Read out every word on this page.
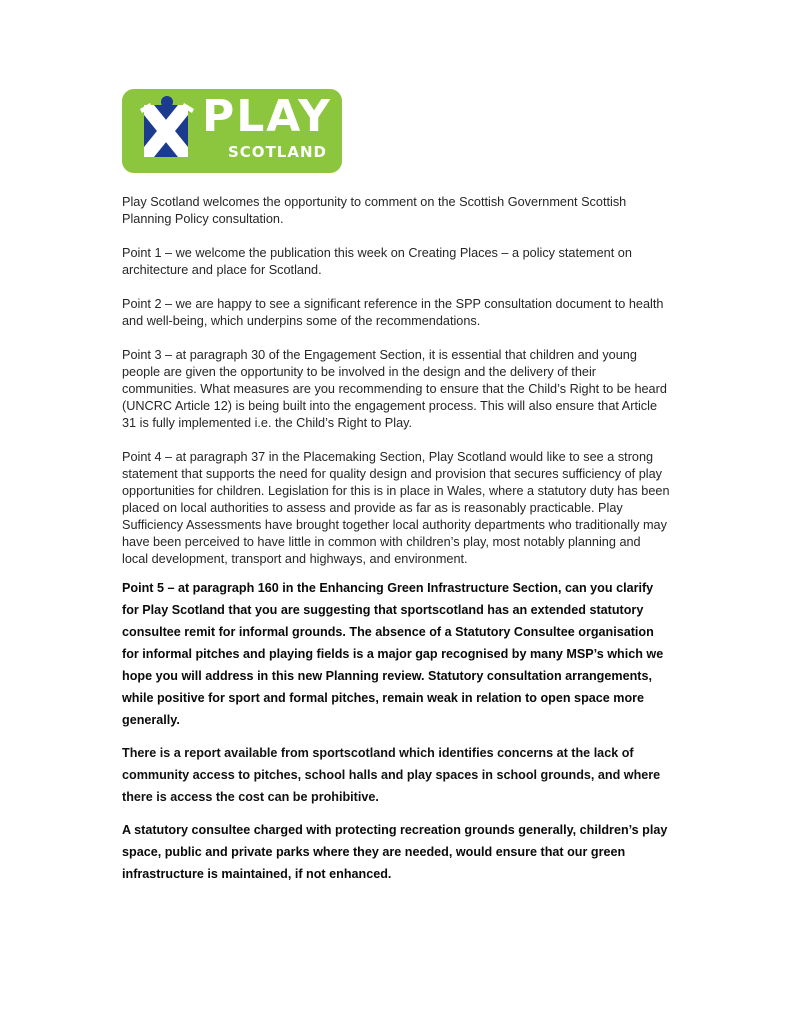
PLAY
SCOTLAND

Play Scotland welcomes the opportunity to comment on the Scottish Government Scottish Planning Policy consultation.

Point 1 – we welcome the publication this week on Creating Places – a policy statement on architecture and place for Scotland.

Point 2 – we are happy to see a significant reference in the SPP consultation document to health and well-being, which underpins some of the recommendations.

Point 3 – at paragraph 30 of the Engagement Section, it is essential that children and young people are given the opportunity to be involved in the design and the delivery of their communities. What measures are you recommending to ensure that the Child’s Right to be heard (UNCRC Article 12) is being built into the engagement process. This will also ensure that Article 31 is fully implemented i.e. the Child’s Right to Play.

Point 4 – at paragraph 37 in the Placemaking Section, Play Scotland would like to see a strong statement that supports the need for quality design and provision that secures sufficiency of play opportunities for children. Legislation for this is in place in Wales, where a statutory duty has been placed on local authorities to assess and provide as far as is reasonably practicable. Play Sufficiency Assessments have brought together local authority departments who traditionally may have been perceived to have little in common with children’s play, most notably planning and local development, transport and highways, and environment.

Point 5 – at paragraph 160 in the Enhancing Green Infrastructure Section, can you clarify for Play Scotland that you are suggesting that sportscotland has an extended statutory consultee remit for informal grounds. The absence of a Statutory Consultee organisation for informal pitches and playing fields is a major gap recognised by many MSP’s which we hope you will address in this new Planning review. Statutory consultation arrangements, while positive for sport and formal pitches, remain weak in relation to open space more generally.

There is a report available from sportscotland which identifies concerns at the lack of community access to pitches, school halls and play spaces in school grounds, and where there is access the cost can be prohibitive.

A statutory consultee charged with protecting recreation grounds generally, children’s play space, public and private parks where they are needed, would ensure that our green infrastructure is maintained, if not enhanced.
